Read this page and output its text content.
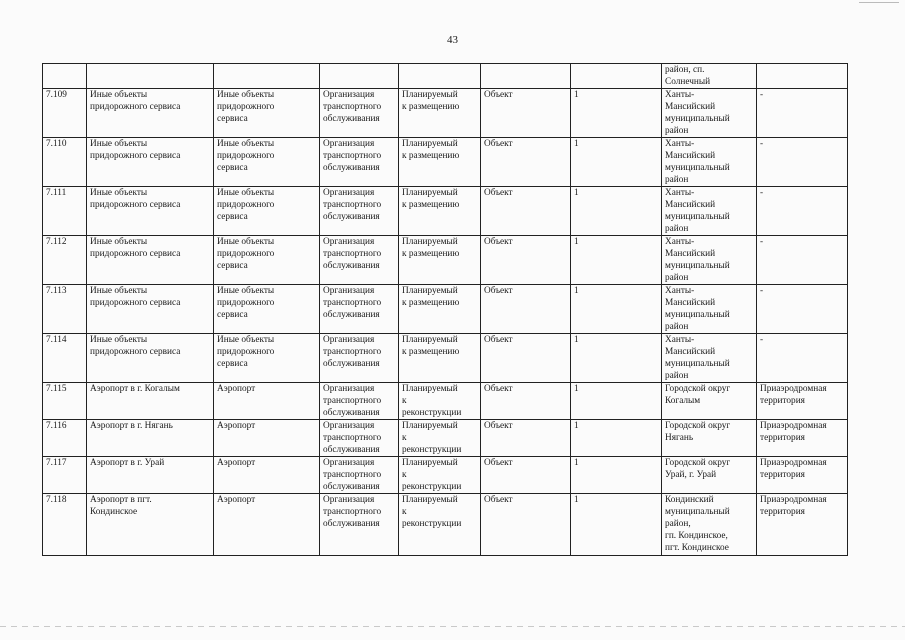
43
							район, сп.
Солнечный	
7.109	Иные объекты
придорожного сервиса	Иные объекты
придорожного
сервиса	Организация
транспортного
обслуживания	Планируемый
к размещению	Объект	1	Ханты-
Мансийский
муниципальный
район	-
7.110	Иные объекты
придорожного сервиса	Иные объекты
придорожного
сервиса	Организация
транспортного
обслуживания	Планируемый
к размещению	Объект	1	Ханты-
Мансийский
муниципальный
район	-
7.111	Иные объекты
придорожного сервиса	Иные объекты
придорожного
сервиса	Организация
транспортного
обслуживания	Планируемый
к размещению	Объект	1	Ханты-
Мансийский
муниципальный
район	-
7.112	Иные объекты
придорожного сервиса	Иные объекты
придорожного
сервиса	Организация
транспортного
обслуживания	Планируемый
к размещению	Объект	1	Ханты-
Мансийский
муниципальный
район	-
7.113	Иные объекты
придорожного сервиса	Иные объекты
придорожного
сервиса	Организация
транспортного
обслуживания	Планируемый
к размещению	Объект	1	Ханты-
Мансийский
муниципальный
район	-
7.114	Иные объекты
придорожного сервиса	Иные объекты
придорожного
сервиса	Организация
транспортного
обслуживания	Планируемый
к размещению	Объект	1	Ханты-
Мансийский
муниципальный
район	-
7.115	Аэропорт в г. Когалым	Аэропорт	Организация
транспортного
обслуживания	Планируемый
к
реконструкции	Объект	1	Городской округ
Когалым	Приаэродромная
территория
7.116	Аэропорт в г. Нягань	Аэропорт	Организация
транспортного
обслуживания	Планируемый
к
реконструкции	Объект	1	Городской округ
Нягань	Приаэродромная
территория
7.117	Аэропорт в г. Урай	Аэропорт	Организация
транспортного
обслуживания	Планируемый
к
реконструкции	Объект	1	Городской округ
Урай, г. Урай	Приаэродромная
территория
7.118	Аэропорт в пгт.
Кондинское	Аэропорт	Организация
транспортного
обслуживания	Планируемый
к
реконструкции	Объект	1	Кондинский
муниципальный
район,
гп. Кондинское,
пгт. Кондинское	Приаэродромная
территория
